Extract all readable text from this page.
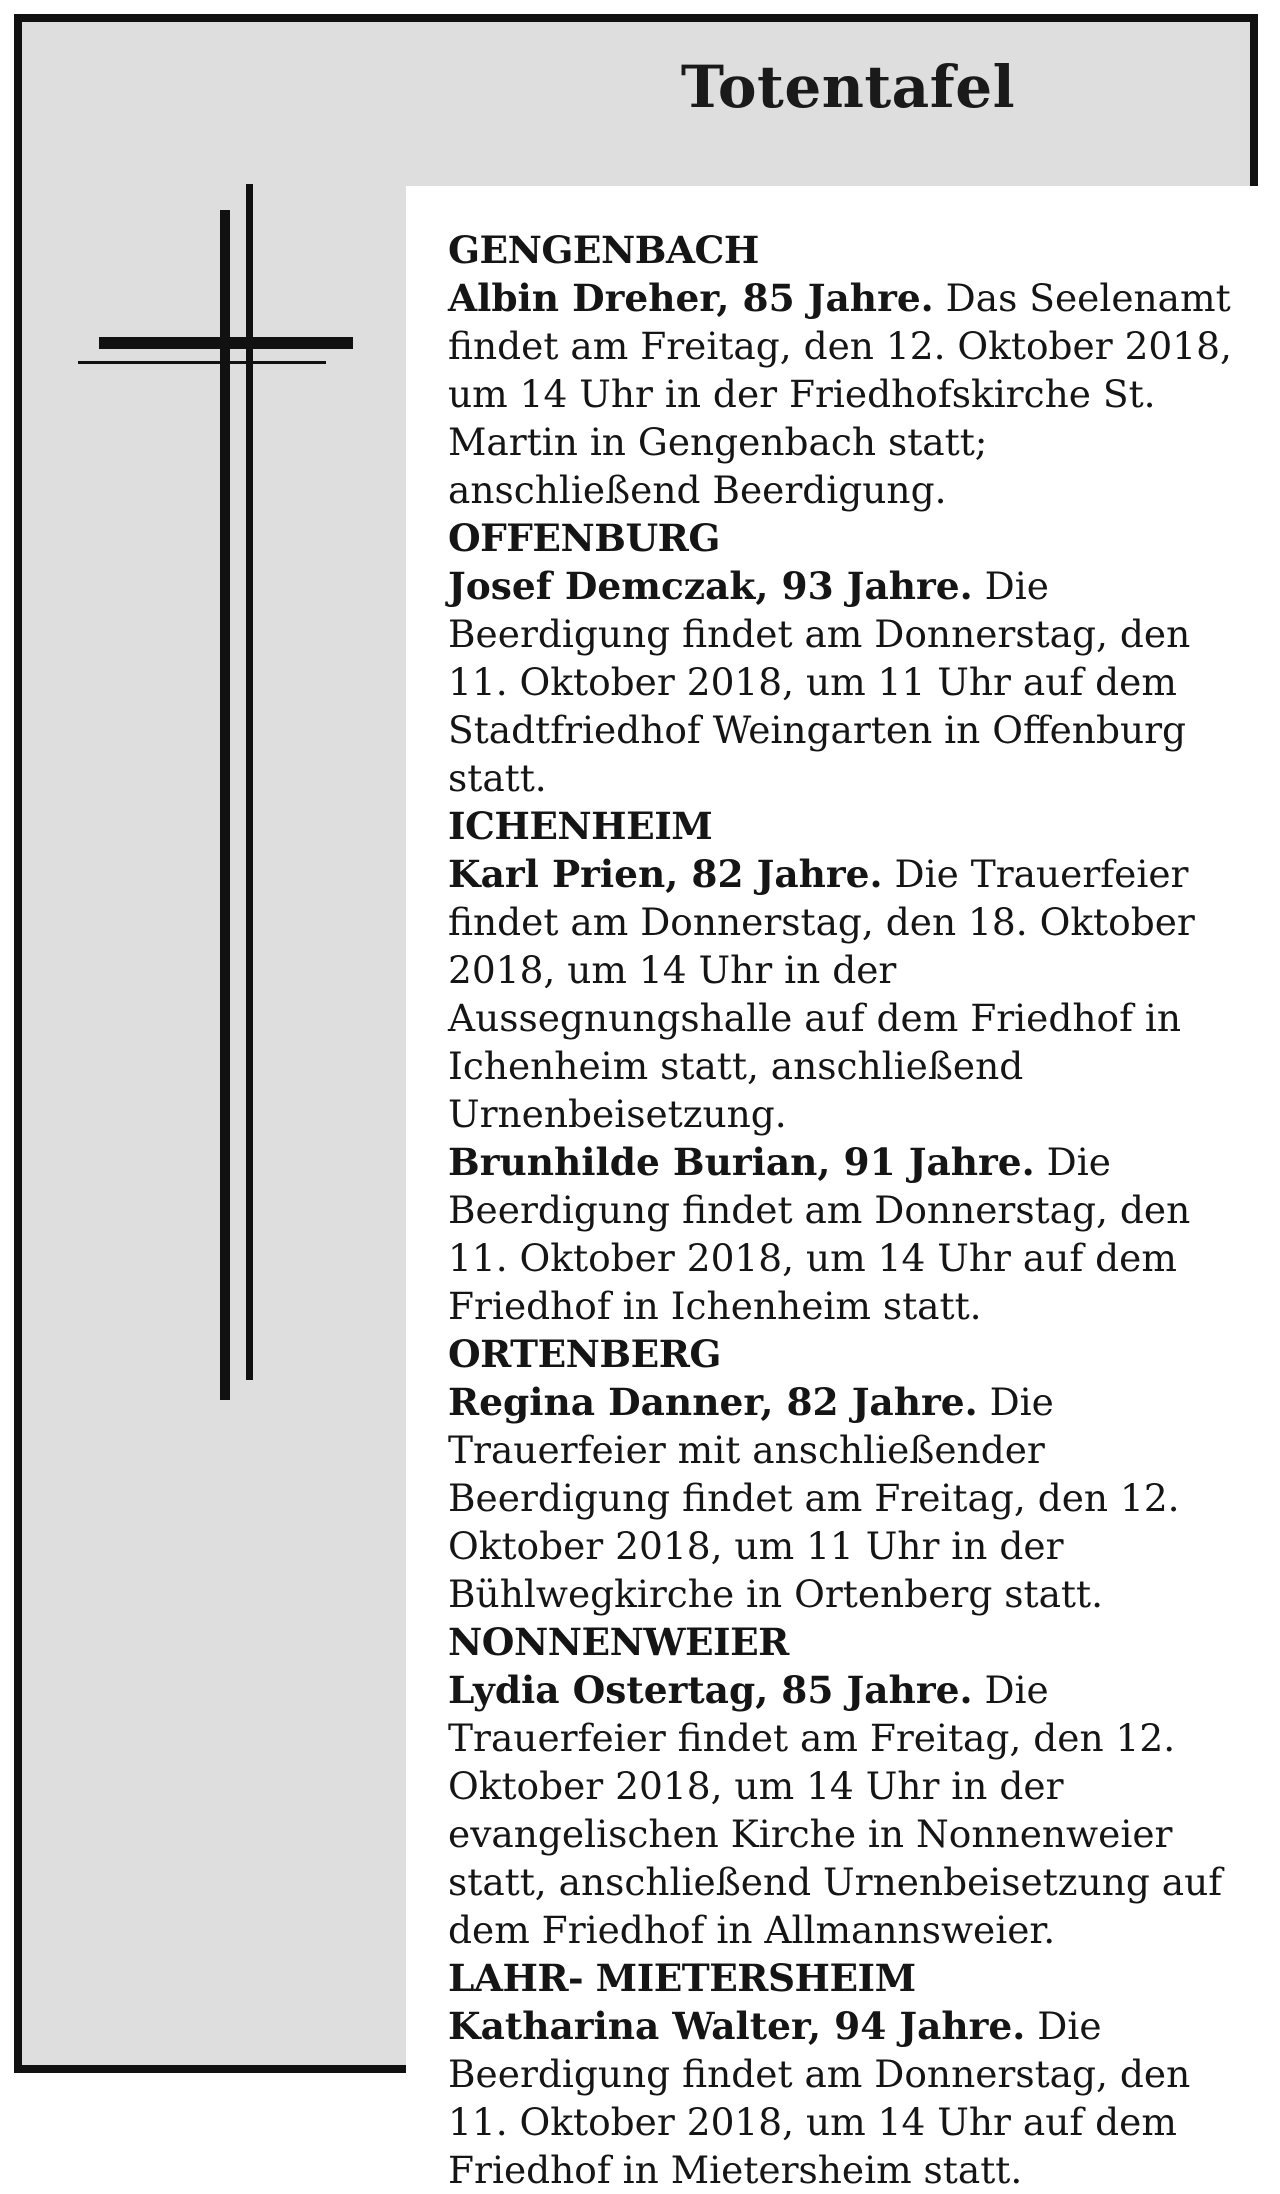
Totentafel
GENGENBACH

Albin Dreher, 85 Jahre. Das Seelenamt findet am Freitag, den 12. Oktober 2018, um 14 Uhr in der Friedhofskirche St. Martin in Gengenbach statt; anschließend Beerdigung.

OFFENBURG

Josef Demczak, 93 Jahre. Die Beerdigung findet am Donnerstag, den 11. Oktober 2018, um 11 Uhr auf dem Stadtfriedhof Weingarten in Offenburg statt.

ICHENHEIM

Karl Prien, 82 Jahre. Die Trauerfeier findet am Donnerstag, den 18. Oktober 2018, um 14 Uhr in der Aussegnungshalle auf dem Friedhof in Ichenheim statt, anschließend Urnenbeisetzung.

Brunhilde Burian, 91 Jahre. Die Beerdigung findet am Donnerstag, den 11. Oktober 2018, um 14 Uhr auf dem Friedhof in Ichenheim statt.

ORTENBERG

Regina Danner, 82 Jahre. Die Trauerfeier mit anschließender Beerdigung findet am Freitag, den 12. Oktober 2018, um 11 Uhr in der Bühlwegkirche in Ortenberg statt.

NONNENWEIER

Lydia Ostertag, 85 Jahre. Die Trauerfeier findet am Freitag, den 12. Oktober 2018, um 14 Uhr in der evangelischen Kirche in Nonnenweier statt, anschließend Urnenbeisetzung auf dem Friedhof in Allmannsweier.

LAHR- MIETERSHEIM

Katharina Walter, 94 Jahre. Die Beerdigung findet am Donnerstag, den 11. Oktober 2018, um 14 Uhr auf dem Friedhof in Mietersheim statt.
